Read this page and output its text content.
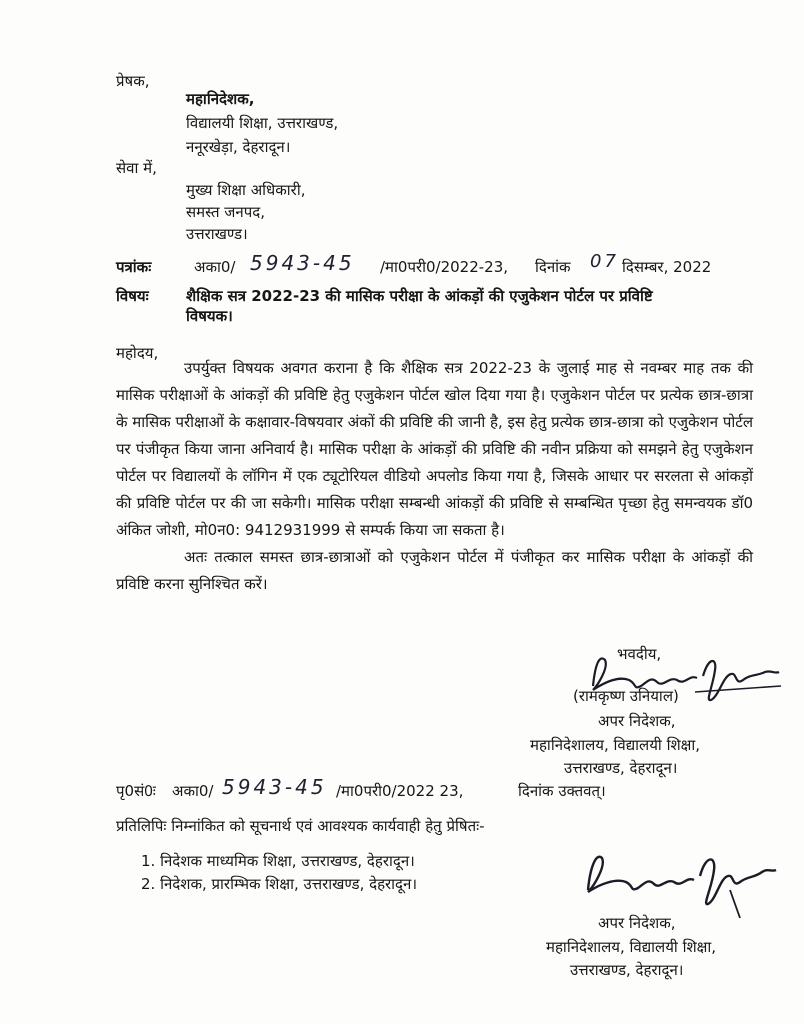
प्रेषक,
महानिदेशक,
विद्यालयी शिक्षा, उत्तराखण्ड,
ननूरखेड़ा, देहरादून।
सेवा में,
मुख्य शिक्षा अधिकारी,
समस्त जनपद,
उत्तराखण्ड।
पत्रांकः	अका0/ 5943-45 /मा0परी0/2022-23, दिनांक 07 दिसम्बर, 2022
विषयः शैक्षिक सत्र 2022-23 की मासिक परीक्षा के आंकड़ों की एजुकेशन पोर्टल पर प्रविष्टि
विषयक।
महोदय,

उपर्युक्त विषयक अवगत कराना है कि शैक्षिक सत्र 2022-23 के जुलाई माह से नवम्बर माह तक की मासिक परीक्षाओं के आंकड़ों की प्रविष्टि हेतु एजुकेशन पोर्टल खोल दिया गया है। एजुकेशन पोर्टल पर प्रत्येक छात्र-छात्रा के मासिक परीक्षाओं के कक्षावार-विषयवार अंकों की प्रविष्टि की जानी है, इस हेतु प्रत्येक छात्र-छात्रा को एजुकेशन पोर्टल पर पंजीकृत किया जाना अनिवार्य है। मासिक परीक्षा के आंकड़ों की प्रविष्टि की नवीन प्रक्रिया को समझने हेतु एजुकेशन पोर्टल पर विद्यालयों के लॉगिन में एक ट्यूटोरियल वीडियो अपलोड किया गया है, जिसके आधार पर सरलता से आंकड़ों की प्रविष्टि पोर्टल पर की जा सकेगी। मासिक परीक्षा सम्बन्धी आंकड़ों की प्रविष्टि से सम्बन्धित पृच्छा हेतु समन्वयक डॉ0 अंकित जोशी, मो0न0: 9412931999 से सम्पर्क किया जा सकता है।

अतः तत्काल समस्त छात्र-छात्राओं को एजुकेशन पोर्टल में पंजीकृत कर मासिक परीक्षा के आंकड़ों की प्रविष्टि करना सुनिश्चित करें।

भवदीय,
(रामकृष्ण उनियाल)
अपर निदेशक,
महानिदेशालय, विद्यालयी शिक्षा,
उत्तराखण्ड, देहरादून।
पृ0सं0ः अका0/ 5943-45 /मा0परी0/2022 23,	दिनांक उक्तवत्।
प्रतिलिपिः निम्नांकित को सूचनार्थ एवं आवश्यक कार्यवाही हेतु प्रेषितः-
1. निदेशक माध्यमिक शिक्षा, उत्तराखण्ड, देहरादून।
2. निदेशक, प्रारम्भिक शिक्षा, उत्तराखण्ड, देहरादून।
अपर निदेशक,
महानिदेशालय, विद्यालयी शिक्षा,
उत्तराखण्ड, देहरादून।
